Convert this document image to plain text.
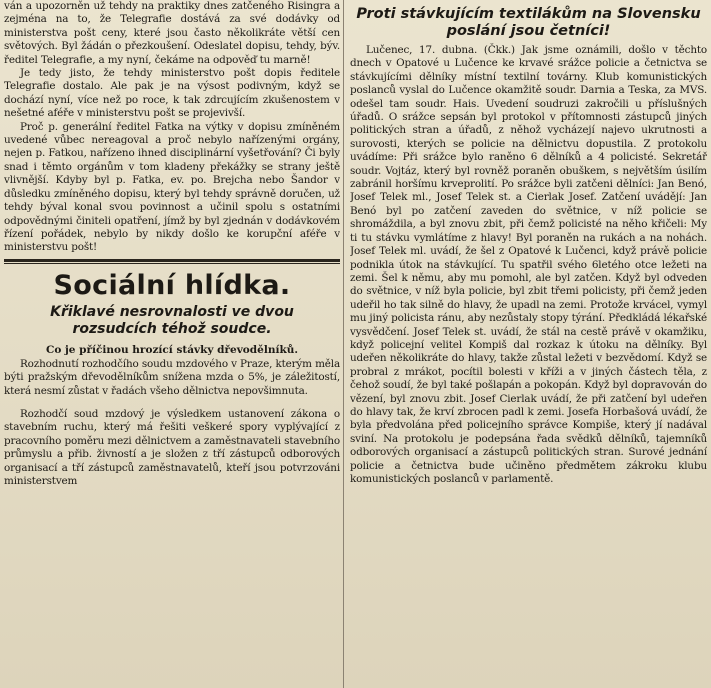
ván a upozorněn už tehdy na praktiky dnes zatčeného Risingra a zejména na to, že Telegrafie dostává za své dodávky od ministerstva pošt ceny, které jsou často několikráte větší cen světových. Byl žádán o přezkoušení. Odeslatel dopisu, tehdy, býv. ředitel Telegrafie, a my nyní, čekáme na odpověď tu marně!

Je tedy jisto, že tehdy ministerstvo pošt dopis ředitele Telegrafie dostalo. Ale pak je na výsost podivným, když se dochází nyní, více než po roce, k tak zdrcujícím zkušenostem v nešetné aféře v ministerstvu pošt se projevivší.

Proč p. generální ředitel Fatka na výtky v dopisu zmíněném uvedené vůbec nereagoval a proč nebylo nařízenými orgány, nejen p. Fatkou, nařízeno ihned disciplinární vyšetřování? Či byly snad i těmto orgánům v tom kladeny překážky se strany ještě vlivnější. Kdyby byl p. Fatka, ev. po. Brejcha nebo Šandor v důsledku zmíněného dopisu, který byl tehdy správně doručen, už tehdy býval konal svou povinnost a učinil spolu s ostatními odpovědnými činiteli opatření, jímž by byl zjednán v dodávkovém řízení pořádek, nebylo by nikdy došlo ke korupční aféře v ministerstvu pošt!

Sociální hlídka.
Křiklavé nesrovnalosti ve dvou rozsudcích téhož soudce.
Co je příčinou hrozící stávky dřevodělníků.

Rozhodnutí rozhodčího soudu mzdového v Praze, kterým měla býti pražským dřevodělníkům snížena mzda o 5%, je záležitostí, která nesmí zůstat v řadách všeho dělnictva nepovšimnuta.

Rozhodčí soud mzdový je výsledkem ustanovení zákona o stavebním ruchu, který má řešiti veškeré spory vyplývající z pracovního poměru mezi dělnictvem a zaměstnavateli stavebního průmyslu a přib. živností a je složen z tří zástupců odborových organisací a tří zástupců zaměstnavatelů, kteří jsou potvrzováni ministerstvem

Proti stávkujícím textilákům na Slovensku poslání jsou četníci!

Lučenec, 17. dubna. (Čkk.) Jak jsme oznámili, došlo v těchto dnech v Opatové u Lučence ke krvavé srážce policie a četnictva se stávkujícími dělníky místní textilní továrny. Klub komunistických poslanců vyslal do Lučence okamžitě soudr. Darnia a Teska, za MVS. odešel tam soudr. Hais. Uvedení soudruzi zakročili u příslušných úřadů. O srážce sepsán byl protokol v přítomnosti zástupců jiných politických stran a úřadů, z něhož vycházejí najevo ukrutnosti a surovosti, kterých se policie na dělnictvu dopustila. Z protokolu uvádíme: Při srážce bylo raněno 6 dělníků a 4 policisté. Sekretář soudr. Vojtáz, který byl rovněž poraněn obuškem, s největším úsilím zabránil horšímu krveprolití. Po srážce byli zatčeni dělníci: Jan Benó, Josef Telek ml., Josef Telek st. a Cierlak Josef. Zatčení uvádějí: Jan Benó byl po zatčení zaveden do světnice, v níž policie se shromáždila, a byl znovu zbit, při čemž policisté na něho křičeli: My ti tu stávku vymlátíme z hlavy! Byl poraněn na rukách a na nohách. Josef Telek ml. uvádí, že šel z Opatové k Lučenci, když právě policie podnikla útok na stávkující. Tu spatřil svého 6letého otce ležeti na zemi. Šel k němu, aby mu pomohl, ale byl zatčen. Když byl odveden do světnice, v níž byla policie, byl zbit třemi policisty, při čemž jeden udeřil ho tak silně do hlavy, že upadl na zemi. Protože krvácel, vymyl mu jiný policista ránu, aby nezůstaly stopy týrání. Předkládá lékařské vysvědčení. Josef Telek st. uvádí, že stál na cestě právě v okamžiku, když policejní velitel Kompiš dal rozkaz k útoku na dělníky. Byl udeřen několikráte do hlavy, takže zůstal ležeti v bezvědomí. Když se probral z mrákot, pocítil bolesti v kříži a v jiných částech těla, z čehož soudí, že byl také pošlapán a pokopán. Když byl dopravován do vězení, byl znovu zbit. Josef Cierlak uvádí, že při zatčení byl udeřen do hlavy tak, že krví zbrocen padl k zemi. Josefa Horbašová uvádí, že byla předvolána před policejního správce Kompiše, který jí nadával sviní. Na protokolu je podepsána řada svědků dělníků, tajemníků odborových organisací a zástupců politických stran. Surové jednání policie a četnictva bude učiněno předmětem zákroku klubu komunistických poslanců v parlamentě.
